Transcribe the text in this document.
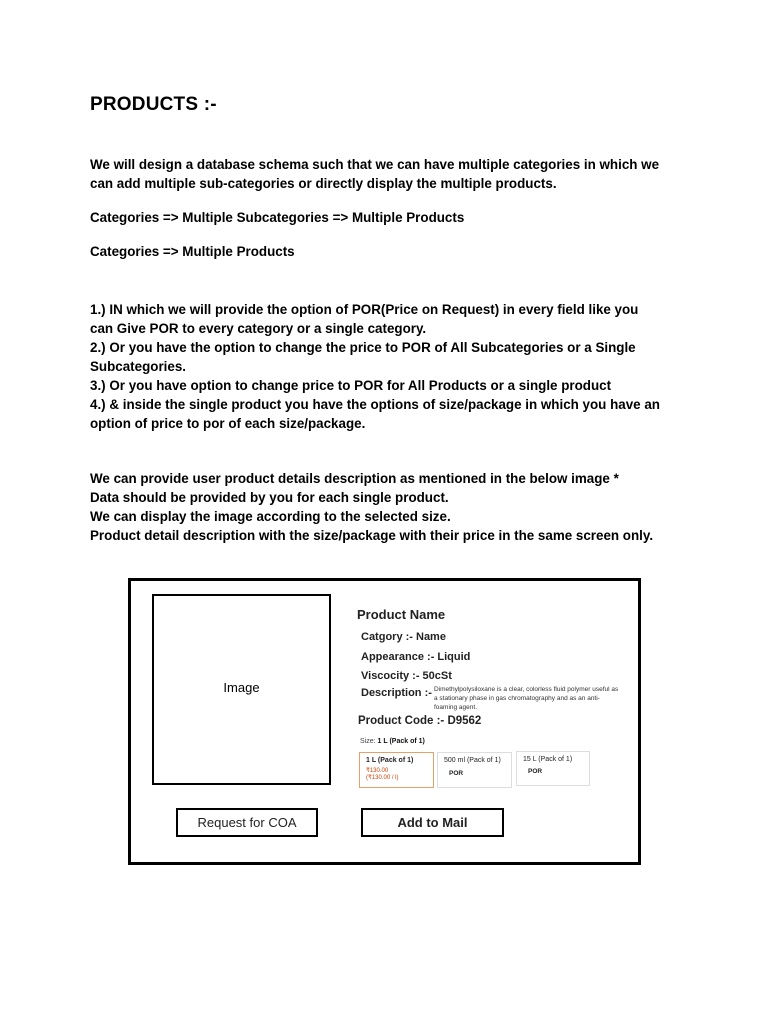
PRODUCTS :-
We will design a database schema such that we can have multiple categories in which we
can add multiple sub-categories or directly display the multiple products.
Categories => Multiple Subcategories => Multiple Products
Categories => Multiple Products
1.) IN which we will provide the option of POR(Price on Request) in every field like you
can Give POR to every category or a single category.
2.) Or you have the option to change the price to POR of All Subcategories or a Single
Subcategories.
3.) Or you have option to change price to POR for All Products or a single product
4.) & inside the single product you have the options of size/package in which you have an
option of price to por of each size/package.
We can provide user product details description as mentioned in the below image *
Data should be provided by you for each single product.
We can display the image according to the selected size.
Product detail description with the size/package with their price in the same screen only.
Image
Product Name
Catgory :- Name
Appearance :- Liquid
Viscocity :- 50cSt
Description :- Dimethylpolysiloxane is a clear, colorless fluid polymer useful as a stationary phase in gas chromatography and as an anti-foaming agent.
Product Code :- D9562
Size: 1 L (Pack of 1)
1 L (Pack of 1)
₹130.00
(₹130.00 / l)
500 ml (Pack of 1)
POR
15 L (Pack of 1)
POR
Request for COA	Add to Mail
